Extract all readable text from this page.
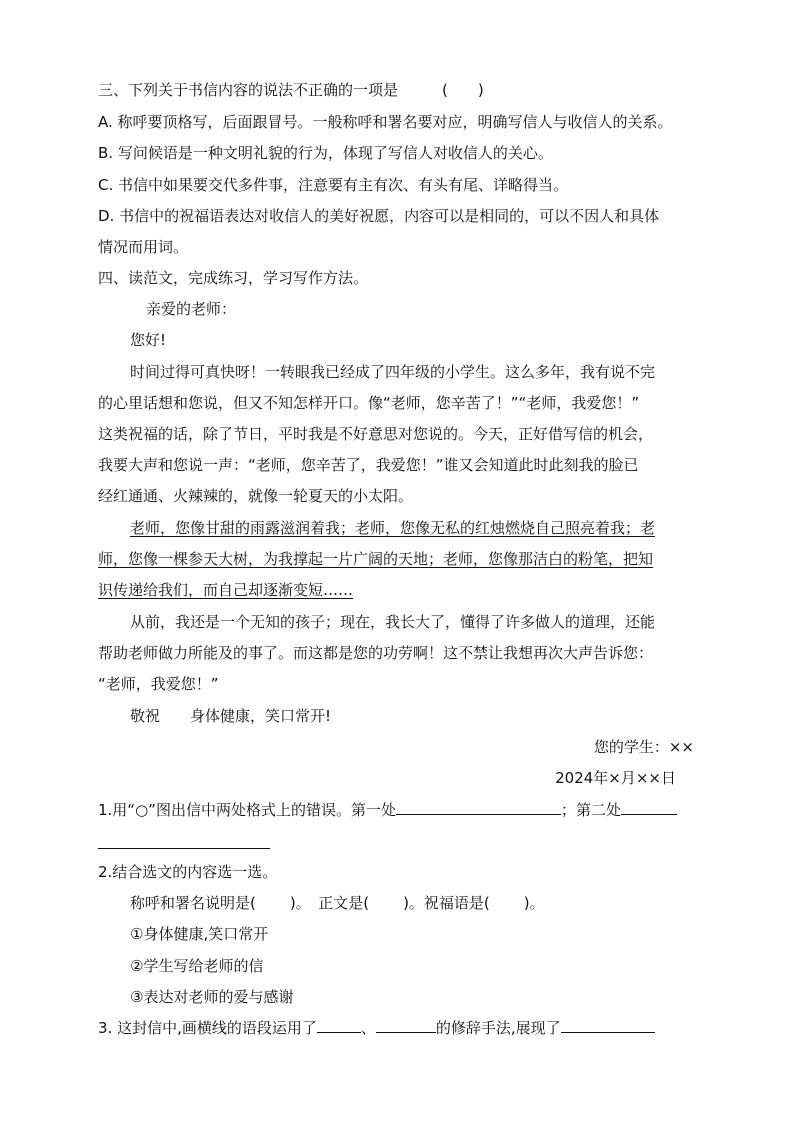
三、下列关于书信内容的说法不正确的一项是	(　　)
A. 称呼要顶格写，后面跟冒号。一般称呼和署名要对应，明确写信人与收信人的关系。
B. 写问候语是一种文明礼貌的行为，体现了写信人对收信人的关心。
C. 书信中如果要交代多件事，注意要有主有次、有头有尾、详略得当。
D. 书信中的祝福语表达对收信人的美好祝愿，内容可以是相同的，可以不因人和具体
情况而用词。
四、读范文，完成练习，学习写作方法。
亲爱的老师：
您好!
时间过得可真快呀！一转眼我已经成了四年级的小学生。这么多年，我有说不完
的心里话想和您说，但又不知怎样开口。像“老师，您辛苦了！”“老师，我爱您！”
这类祝福的话，除了节日，平时我是不好意思对您说的。今天，正好借写信的机会，
我要大声和您说一声：“老师，您辛苦了，我爱您！”谁又会知道此时此刻我的脸已
经红通通、火辣辣的，就像一轮夏天的小太阳。
老师，您像甘甜的雨露滋润着我；老师，您像无私的红烛燃烧自己照亮着我；老
师，您像一棵参天大树，为我撑起一片广阔的天地；老师，您像那洁白的粉笔，把知
识传递给我们，而自己却逐渐变短……
从前，我还是一个无知的孩子；现在，我长大了，懂得了许多做人的道理，还能
帮助老师做力所能及的事了。而这都是您的功劳啊！这不禁让我想再次大声告诉您：
“老师，我爱您！”
敬祝 身体健康，笑口常开!
您的学生：××
2024年×月××日
1.用“○”图出信中两处格式上的错误。第一处	；第二处
2.结合选文的内容选一选。
称呼和署名说明是( )。　正文是( )。祝福语是( )。
①身体健康,笑口常开
②学生写给老师的信
③表达对老师的爱与感谢
3. 这封信中,画横线的语段运用了	、	的修辞手法,展现了
